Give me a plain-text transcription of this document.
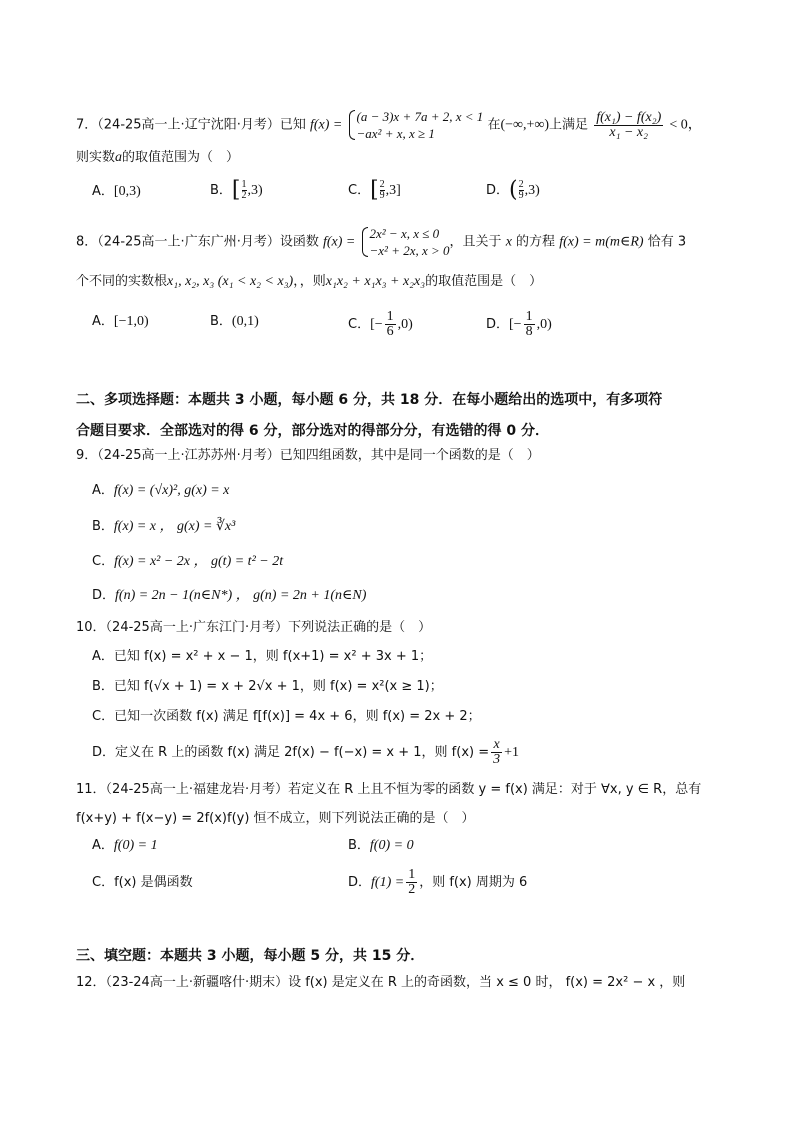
7．（24-25高一上·辽宁沈阳·月考）已知 f(x) =
(a − 3)x + 7a + 2, x < 1
−ax² + x, x ≥ 1
在(−∞,+∞)上满足 $\frac{\text{f(x₁) − f(x₂)}}{\text{x₁ − x₂}} < 0$，
则实数a的取值范围为（　）
A．[0,3)	B．[ $\frac{1}{2} ,3$)	C．[ $\frac{2}{9} ,3$]	D．( $\frac{2}{9} ,3$)
8．（24-25高一上·广东广州·月考）设函数 f(x) =
2x² − x, x ≤ 0
−x² + 2x, x > 0
，且关于 x 的方程 f(x) = m(m∈R) 恰有 3
个不同的实数根x₁, x₂, x₃ (x₁ < x₂ < x₃)，，则x₁x₂ + x₁x₃ + x₂x₃的取值范围是（　）
A．[−1,0)	B．(0,1)	C．[− $\frac{1}{6} ,0$)	D．[− $\frac{1}{8} ,0$)
二、多项选择题：本题共 3 小题，每小题 6 分，共 18 分．在每小题给出的选项中，有多项符
合题目要求．全部选对的得 6 分，部分选对的得部分分，有选错的得 0 分．
9．（24-25高一上·江苏苏州·月考）已知四组函数，其中是同一个函数的是（　）
A．f(x) = (√x)², g(x) = x
B．f(x) = x ， g(x) = ∛x³
C．f(x) = x² − 2x ， g(t) = t² − 2t
D．f(n) = 2n − 1(n∈N*) ， g(n) = 2n + 1(n∈N)
10．（24-25高一上·广东江门·月考）下列说法正确的是（　）
A．已知 f(x) = x² + x − 1，则 f(x+1) = x² + 3x + 1；
B．已知 f(√x + 1) = x + 2√x + 1，则 f(x) = x²(x ≥ 1)；
C．已知一次函数 f(x) 满足 f[f(x)] = 4x + 6，则 f(x) = 2x + 2；
D．定义在 R 上的函数 f(x) 满足 2f(x) − f(−x) = x + 1，则 $f(x) = \frac{x}{3} +1$
11．（24-25高一上·福建龙岩·月考）若定义在 R 上且不恒为零的函数 y = f(x) 满足：对于 ∀x, y ∈ R，总有
f(x+y) + f(x−y) = 2f(x)f(y) 恒不成立，则下列说法正确的是（　）
A．f(0) = 1	B．f(0) = 0
C．f(x) 是偶函数	D．$f(1) = \frac{1}{2}$ ，则 f(x) 周期为 6
三、填空题：本题共 3 小题，每小题 5 分，共 15 分．
12．（23-24高一上·新疆喀什·期末）设 f(x) 是定义在 R 上的奇函数，当 x ≤ 0 时， f(x) = 2x² − x ，则
